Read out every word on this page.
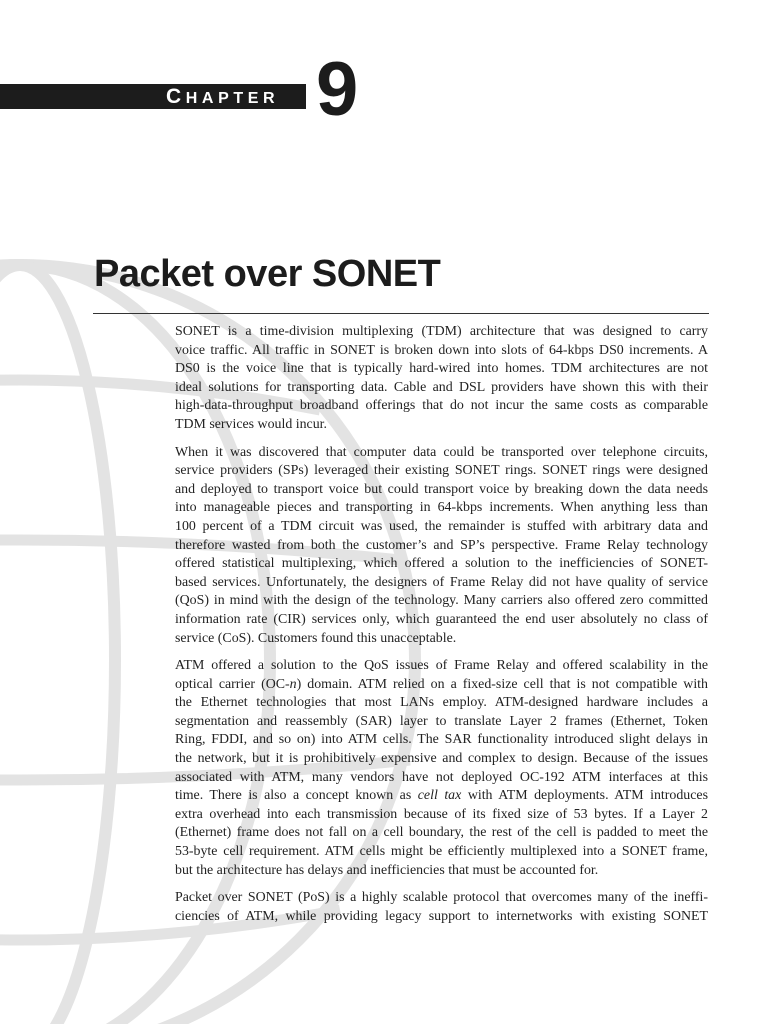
CHAPTER 9
Packet over SONET

SONET is a time-division multiplexing (TDM) architecture that was designed to carry
voice traffic. All traffic in SONET is broken down into slots of 64-kbps DS0 increments. A
DS0 is the voice line that is typically hard-wired into homes. TDM architectures are not
ideal solutions for transporting data. Cable and DSL providers have shown this with their
high-data-throughput broadband offerings that do not incur the same costs as comparable
TDM services would incur.

When it was discovered that computer data could be transported over telephone circuits,
service providers (SPs) leveraged their existing SONET rings. SONET rings were designed
and deployed to transport voice but could transport voice by breaking down the data needs
into manageable pieces and transporting in 64-kbps increments. When anything less than
100 percent of a TDM circuit was used, the remainder is stuffed with arbitrary data and
therefore wasted from both the customer’s and SP’s perspective. Frame Relay technology
offered statistical multiplexing, which offered a solution to the inefficiencies of SONET-
based services. Unfortunately, the designers of Frame Relay did not have quality of service
(QoS) in mind with the design of the technology. Many carriers also offered zero committed
information rate (CIR) services only, which guaranteed the end user absolutely no class of
service (CoS). Customers found this unacceptable.

ATM offered a solution to the QoS issues of Frame Relay and offered scalability in the
optical carrier (OC-n) domain. ATM relied on a fixed-size cell that is not compatible with
the Ethernet technologies that most LANs employ. ATM-designed hardware includes a
segmentation and reassembly (SAR) layer to translate Layer 2 frames (Ethernet, Token
Ring, FDDI, and so on) into ATM cells. The SAR functionality introduced slight delays in
the network, but it is prohibitively expensive and complex to design. Because of the issues
associated with ATM, many vendors have not deployed OC-192 ATM interfaces at this
time. There is also a concept known as cell tax with ATM deployments. ATM introduces
extra overhead into each transmission because of its fixed size of 53 bytes. If a Layer 2
(Ethernet) frame does not fall on a cell boundary, the rest of the cell is padded to meet the
53-byte cell requirement. ATM cells might be efficiently multiplexed into a SONET frame,
but the architecture has delays and inefficiencies that must be accounted for.

Packet over SONET (PoS) is a highly scalable protocol that overcomes many of the ineffi-
ciencies of ATM, while providing legacy support to internetworks with existing SONET
